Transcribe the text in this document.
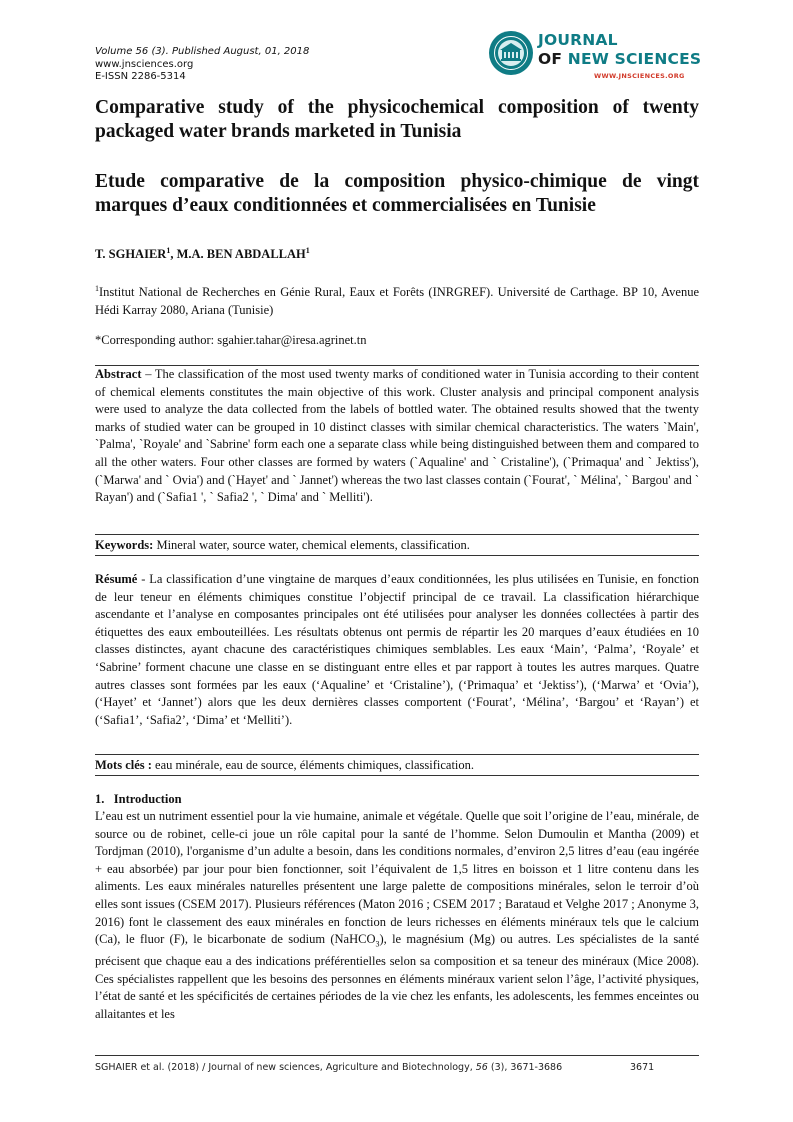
Volume 56 (3). Published August, 01, 2018
www.jnsciences.org
E-ISSN 2286-5314
JOURNAL
OF NEW SCIENCES
WWW.JNSCIENCES.ORG
Comparative study of the physicochemical composition of twenty packaged water brands marketed in Tunisia
Etude comparative de la composition physico-chimique de vingt marques d’eaux conditionnées et commercialisées en Tunisie
T. SGHAIER$^1$, M.A. BEN ABDALLAH$^1$
$^1$Institut National de Recherches en Génie Rural, Eaux et Forêts (INRGREF). Université de Carthage. BP 10, Avenue Hédi Karray 2080, Ariana (Tunisie)
*Corresponding author: sgahier.tahar@iresa.agrinet.tn
Abstract – The classification of the most used twenty marks of conditioned water in Tunisia according to their content of chemical elements constitutes the main objective of this work. Cluster analysis and principal component analysis were used to analyze the data collected from the labels of bottled water. The obtained results showed that the twenty marks of studied water can be grouped in 10 distinct classes with similar chemical characteristics. The waters `Main', `Palma', `Royale' and `Sabrine' form each one a separate class while being distinguished between them and compared to all the other waters. Four other classes are formed by waters (`Aqualine' and ` Cristaline'), (`Primaqua' and ` Jektiss'), (`Marwa' and ` Ovia') and (`Hayet' and ` Jannet') whereas the two last classes contain (`Fourat', ` Mélina', ` Bargou' and ` Rayan') and (`Safia1 ', ` Safia2 ', ` Dima' and ` Melliti').
Keywords: Mineral water, source water, chemical elements, classification.
Résumé - La classification d’une vingtaine de marques d’eaux conditionnées, les plus utilisées en Tunisie, en fonction de leur teneur en éléments chimiques constitue l’objectif principal de ce travail. La classification hiérarchique ascendante et l’analyse en composantes principales ont été utilisées pour analyser les données collectées à partir des étiquettes des eaux embouteillées. Les résultats obtenus ont permis de répartir les 20 marques d’eaux étudiées en 10 classes distinctes, ayant chacune des caractéristiques chimiques semblables. Les eaux ‘Main’, ‘Palma’, ‘Royale’ et ‘Sabrine’ forment chacune une classe en se distinguant entre elles et par rapport à toutes les autres marques. Quatre autres classes sont formées par les eaux (‘Aqualine’ et ‘Cristaline’), (‘Primaqua’ et ‘Jektiss’), (‘Marwa’ et ‘Ovia’), (‘Hayet’ et ‘Jannet’) alors que les deux dernières classes comportent (‘Fourat’, ‘Mélina’, ‘Bargou’ et ‘Rayan’) et (‘Safia1’, ‘Safia2’, ‘Dima’ et ‘Melliti’).
Mots clés : eau minérale, eau de source, éléments chimiques, classification.
1.   Introduction
L’eau est un nutriment essentiel pour la vie humaine, animale et végétale. Quelle que soit l’origine de l’eau, minérale, de source ou de robinet, celle-ci joue un rôle capital pour la santé de l’homme. Selon Dumoulin et Mantha (2009) et Tordjman (2010), l'organisme d’un adulte a besoin, dans les conditions normales, d’environ 2,5 litres d’eau (eau ingérée + eau absorbée) par jour pour bien fonctionner, soit l’équivalent de 1,5 litres en boisson et 1 litre contenu dans les aliments. Les eaux minérales naturelles présentent une large palette de compositions minérales, selon le terroir d’où elles sont issues (CSEM 2017). Plusieurs références (Maton 2016 ; CSEM 2017 ; Barataud et Velghe 2017 ; Anonyme 3, 2016) font le classement des eaux minérales en fonction de leurs richesses en éléments minéraux tels que le calcium (Ca), le fluor (F), le bicarbonate de sodium (NaHCO$_3$), le magnésium (Mg) ou autres. Les spécialistes de la santé précisent que chaque eau a des indications préférentielles selon sa composition et sa teneur des minéraux (Mice 2008). Ces spécialistes rappellent que les besoins des personnes en éléments minéraux varient selon l’âge, l’activité physiques, l’état de santé et les spécificités de certaines périodes de la vie chez les enfants, les adolescents, les femmes enceintes ou allaitantes et les
SGHAIER et al. (2018) / Journal of new sciences, Agriculture and Biotechnology, 56 (3), 3671-3686	3671
